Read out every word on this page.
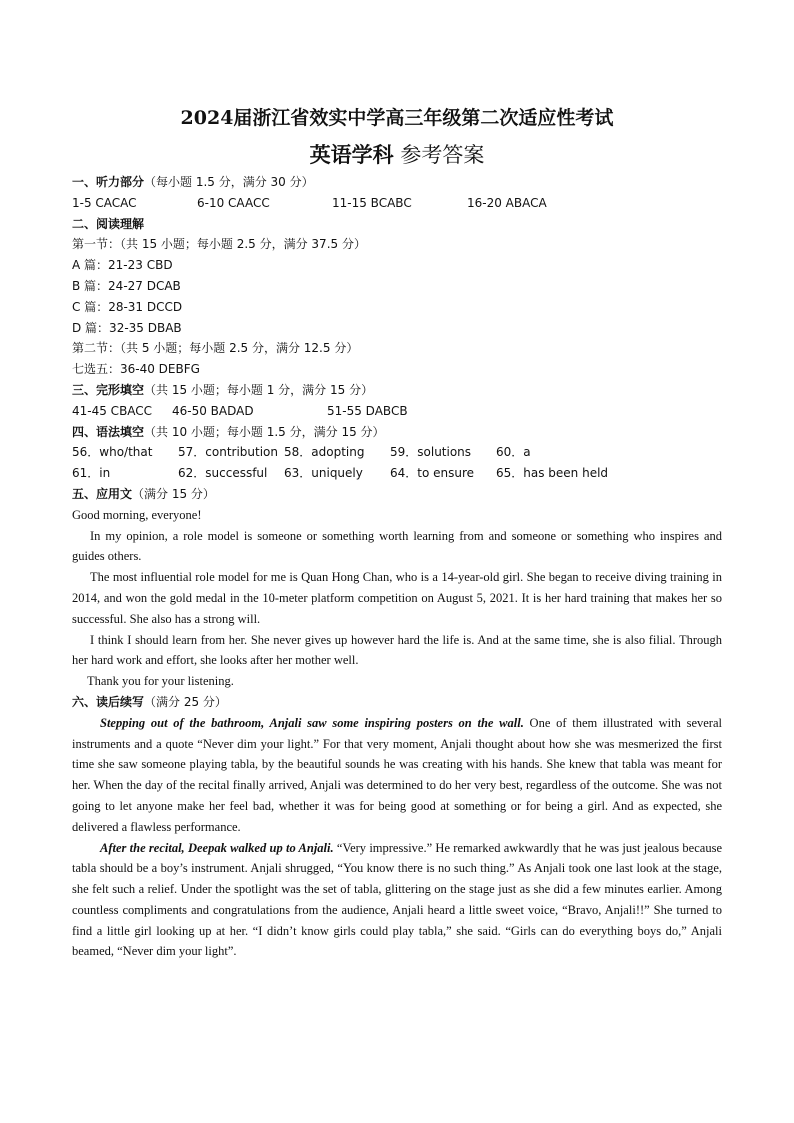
2024届浙江省效实中学高三年级第二次适应性考试
英语学科 参考答案
一、听力部分（每小题 1.5 分，满分 30 分）
1-5 CACAC	6-10 CAACC	11-15 BCABC	16-20 ABACA
二、阅读理解
第一节：（共 15 小题；每小题 2.5 分，满分 37.5 分）
A 篇：21-23 CBD
B 篇：24-27 DCAB
C 篇：28-31 DCCD
D 篇：32-35 DBAB
第二节：（共 5 小题；每小题 2.5 分，满分 12.5 分）
七选五：36-40 DEBFG
三、完形填空（共 15 小题；每小题 1 分，满分 15 分）
41-45 CBACC	46-50 BADAD	51-55 DABCB
四、语法填空（共 10 小题；每小题 1.5 分，满分 15 分）
56．who/that	57．contribution 58．adopting	59．solutions	60．a
61．in	62．successful	63．uniquely	64．to ensure	65．has been held
五、应用文（满分 15 分）

Good morning, everyone!

In my opinion, a role model is someone or something worth learning from and someone or something who inspires and guides others.

The most influential role model for me is Quan Hong Chan, who is a 14-year-old girl. She began to receive diving training in 2014, and won the gold medal in the 10-meter platform competition on August 5, 2021. It is her hard training that makes her so successful. She also has a strong will.

I think I should learn from her. She never gives up however hard the life is. And at the same time, she is also filial. Through her hard work and effort, she looks after her mother well.

Thank you for your listening.

六、读后续写（满分 25 分）

Stepping out of the bathroom, Anjali saw some inspiring posters on the wall. One of them illustrated with several instruments and a quote “Never dim your light.” For that very moment, Anjali thought about how she was mesmerized the first time she saw someone playing tabla, by the beautiful sounds he was creating with his hands. She knew that tabla was meant for her. When the day of the recital finally arrived, Anjali was determined to do her very best, regardless of the outcome. She was not going to let anyone make her feel bad, whether it was for being good at something or for being a girl. And as expected, she delivered a flawless performance.

After the recital, Deepak walked up to Anjali. “Very impressive.” He remarked awkwardly that he was just jealous because tabla should be a boy’s instrument. Anjali shrugged, “You know there is no such thing.” As Anjali took one last look at the stage, she felt such a relief. Under the spotlight was the set of tabla, glittering on the stage just as she did a few minutes earlier. Among countless compliments and congratulations from the audience, Anjali heard a little sweet voice, “Bravo, Anjali!!” She turned to find a little girl looking up at her. “I didn’t know girls could play tabla,” she said. “Girls can do everything boys do,” Anjali beamed, “Never dim your light”.
